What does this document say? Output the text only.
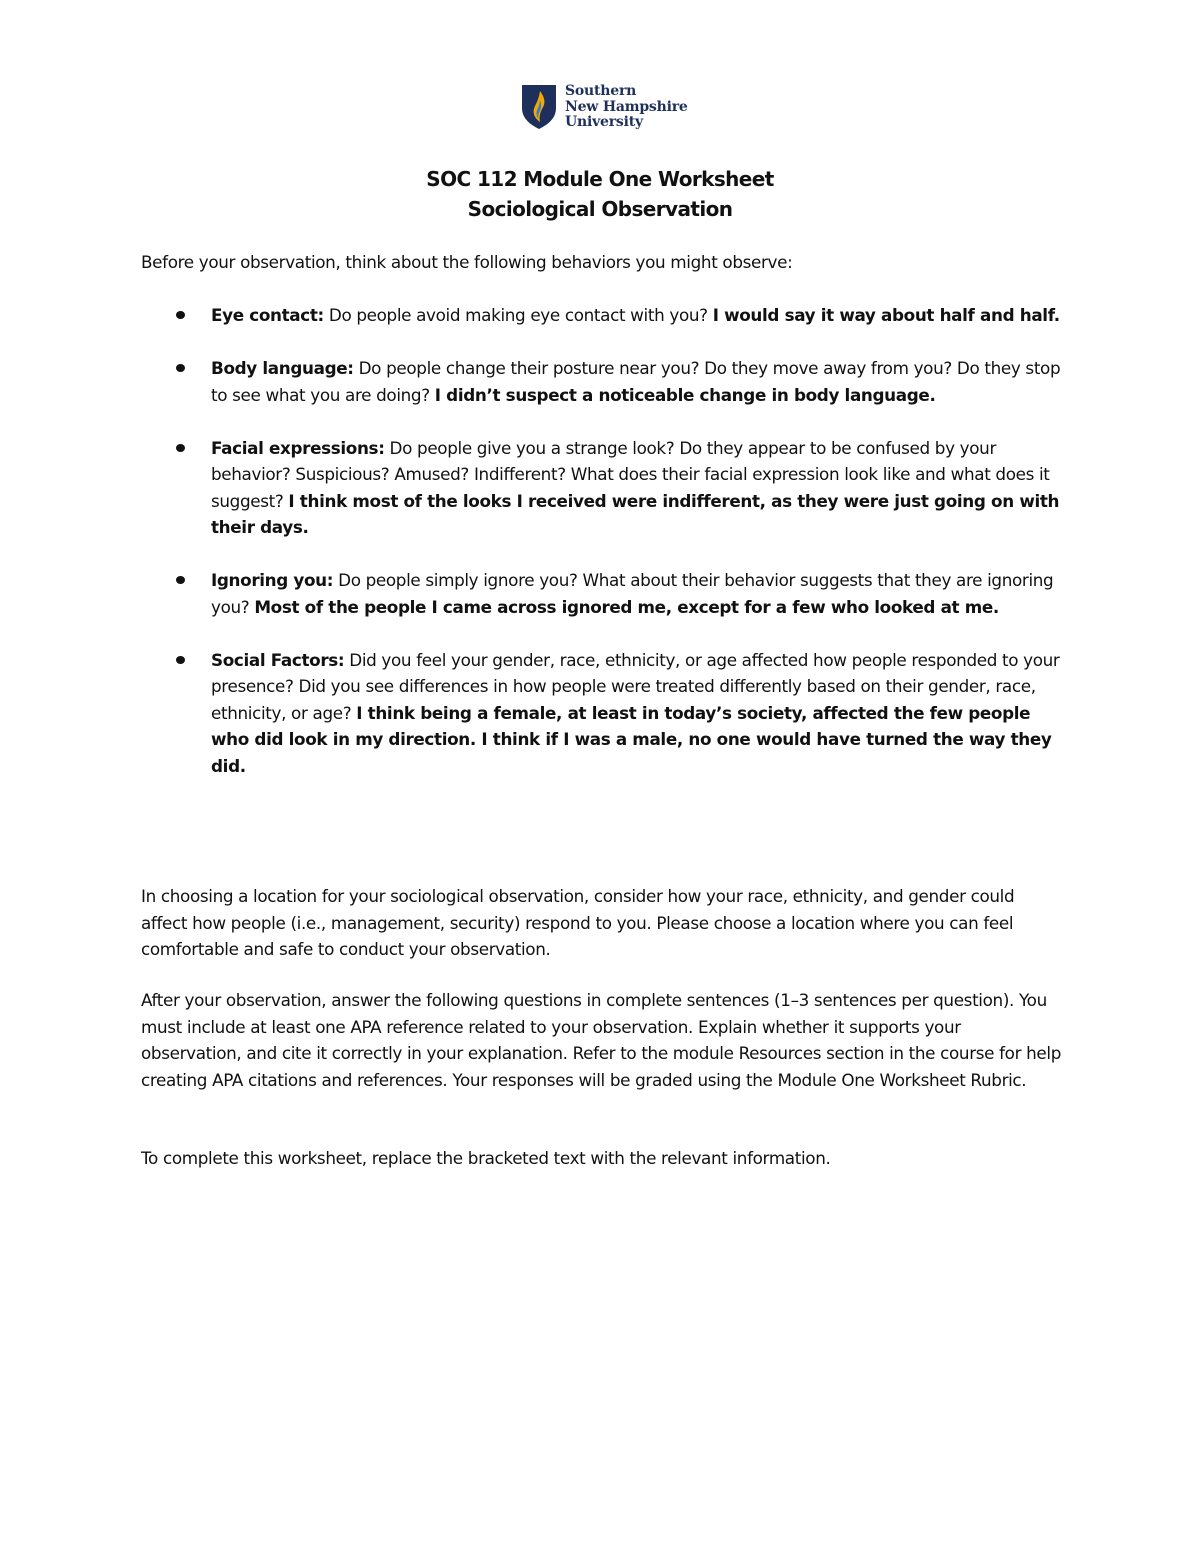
Southern
New Hampshire
University
SOC 112 Module One Worksheet
Sociological Observation
Before your observation, think about the following behaviors you might observe:
Eye contact: Do people avoid making eye contact with you? I would say it way about half and half.
Body language: Do people change their posture near you? Do they move away from you? Do they stop to see what you are doing? I didn’t suspect a noticeable change in body language.
Facial expressions: Do people give you a strange look? Do they appear to be confused by your behavior? Suspicious? Amused? Indifferent? What does their facial expression look like and what does it suggest? I think most of the looks I received were indifferent, as they were just going on with their days.
Ignoring you: Do people simply ignore you? What about their behavior suggests that they are ignoring you? Most of the people I came across ignored me, except for a few who looked at me.
Social Factors: Did you feel your gender, race, ethnicity, or age affected how people responded to your presence? Did you see differences in how people were treated differently based on their gender, race, ethnicity, or age? I think being a female, at least in today’s society, affected the few people who did look in my direction. I think if I was a male, no one would have turned the way they did.
In choosing a location for your sociological observation, consider how your race, ethnicity, and gender could affect how people (i.e., management, security) respond to you. Please choose a location where you can feel comfortable and safe to conduct your observation.
After your observation, answer the following questions in complete sentences (1–3 sentences per question). You must include at least one APA reference related to your observation. Explain whether it supports your observation, and cite it correctly in your explanation. Refer to the module Resources section in the course for help creating APA citations and references. Your responses will be graded using the Module One Worksheet Rubric.
To complete this worksheet, replace the bracketed text with the relevant information.
